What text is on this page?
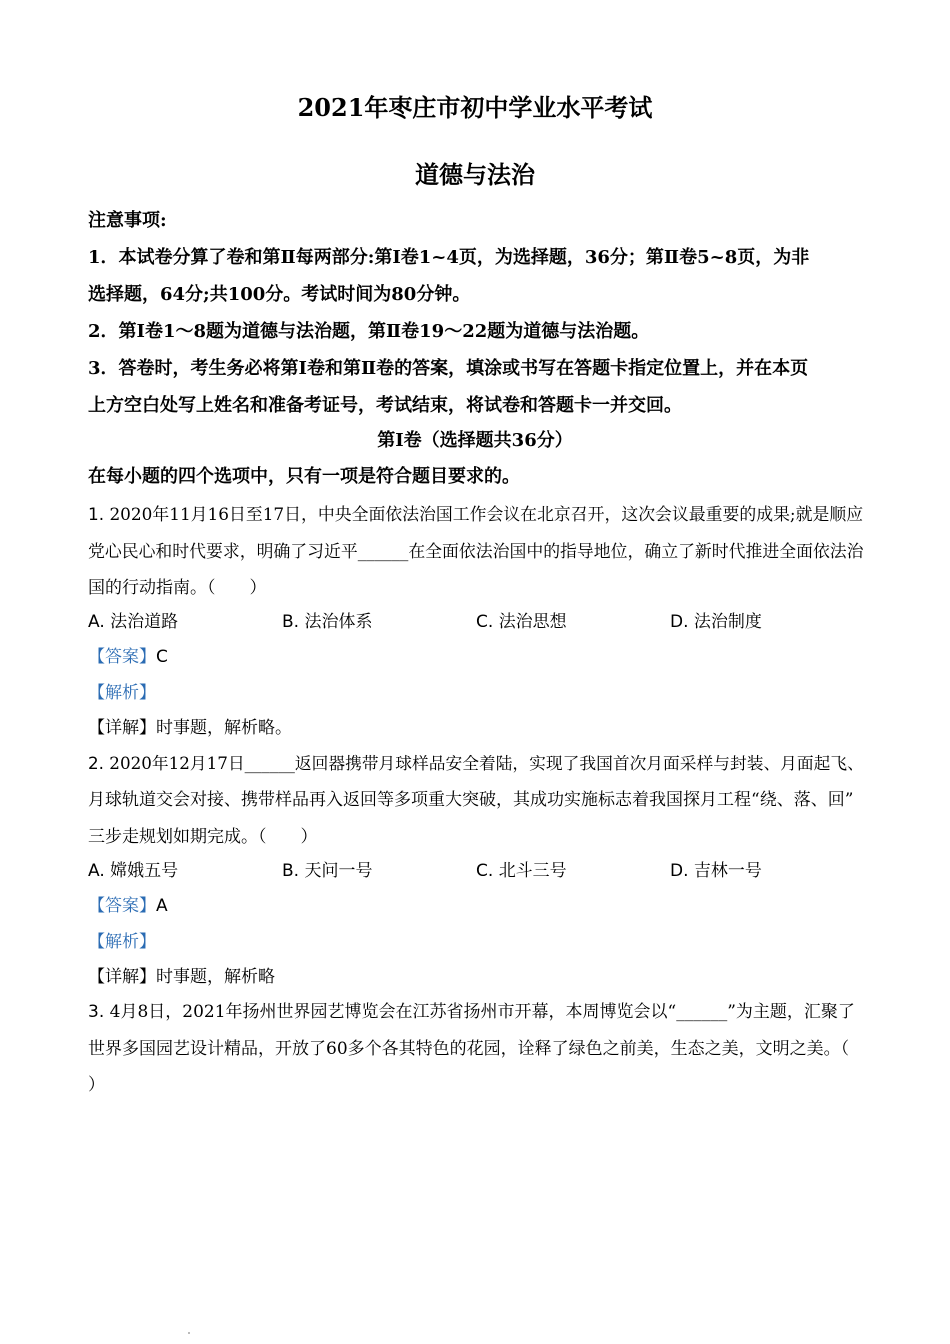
2021年枣庄市初中学业水平考试
道德与法治
注意事项:
1．本试卷分算了卷和第Ⅱ每两部分:第Ⅰ卷1~4页，为选择题，36分；第Ⅱ卷5~8页，为非
选择题，64分;共100分。考试时间为80分钟。
2．第I卷1～8题为道德与法治题，第Ⅱ卷19～22题为道德与法治题。
3．答卷时，考生务必将第Ⅰ卷和第Ⅱ卷的答案，填涂或书写在答题卡指定位置上，并在本页
上方空白处写上姓名和准备考证号，考试结束，将试卷和答题卡一并交回。
第I卷（选择题共36分）
在每小题的四个选项中，只有一项是符合题目要求的。
1. 2020年11月16日至17日，中央全面依法治国工作会议在北京召开，这次会议最重要的成果;就是顺应
党心民心和时代要求，明确了习近平______在全面依法治国中的指导地位，确立了新时代推进全面依法治
国的行动指南。（　　）
A. 法治道路	B. 法治体系	C. 法治思想	D. 法治制度
【答案】C
【解析】
【详解】时事题，解析略。
2. 2020年12月17日______返回器携带月球样品安全着陆，实现了我国首次月面采样与封装、月面起飞、
月球轨道交会对接、携带样品再入返回等多项重大突破，其成功实施标志着我国探月工程“绕、落、回”
三步走规划如期完成。（　　）
A. 嫦娥五号	B. 天问一号	C. 北斗三号	D. 吉林一号
【答案】A
【解析】
【详解】时事题，解析略
3. 4月8日，2021年扬州世界园艺博览会在江苏省扬州市开幕，本周博览会以“______”为主题，汇聚了
世界多国园艺设计精品，开放了60多个各其特色的花园，诠释了绿色之前美，生态之美，文明之美。（
）
